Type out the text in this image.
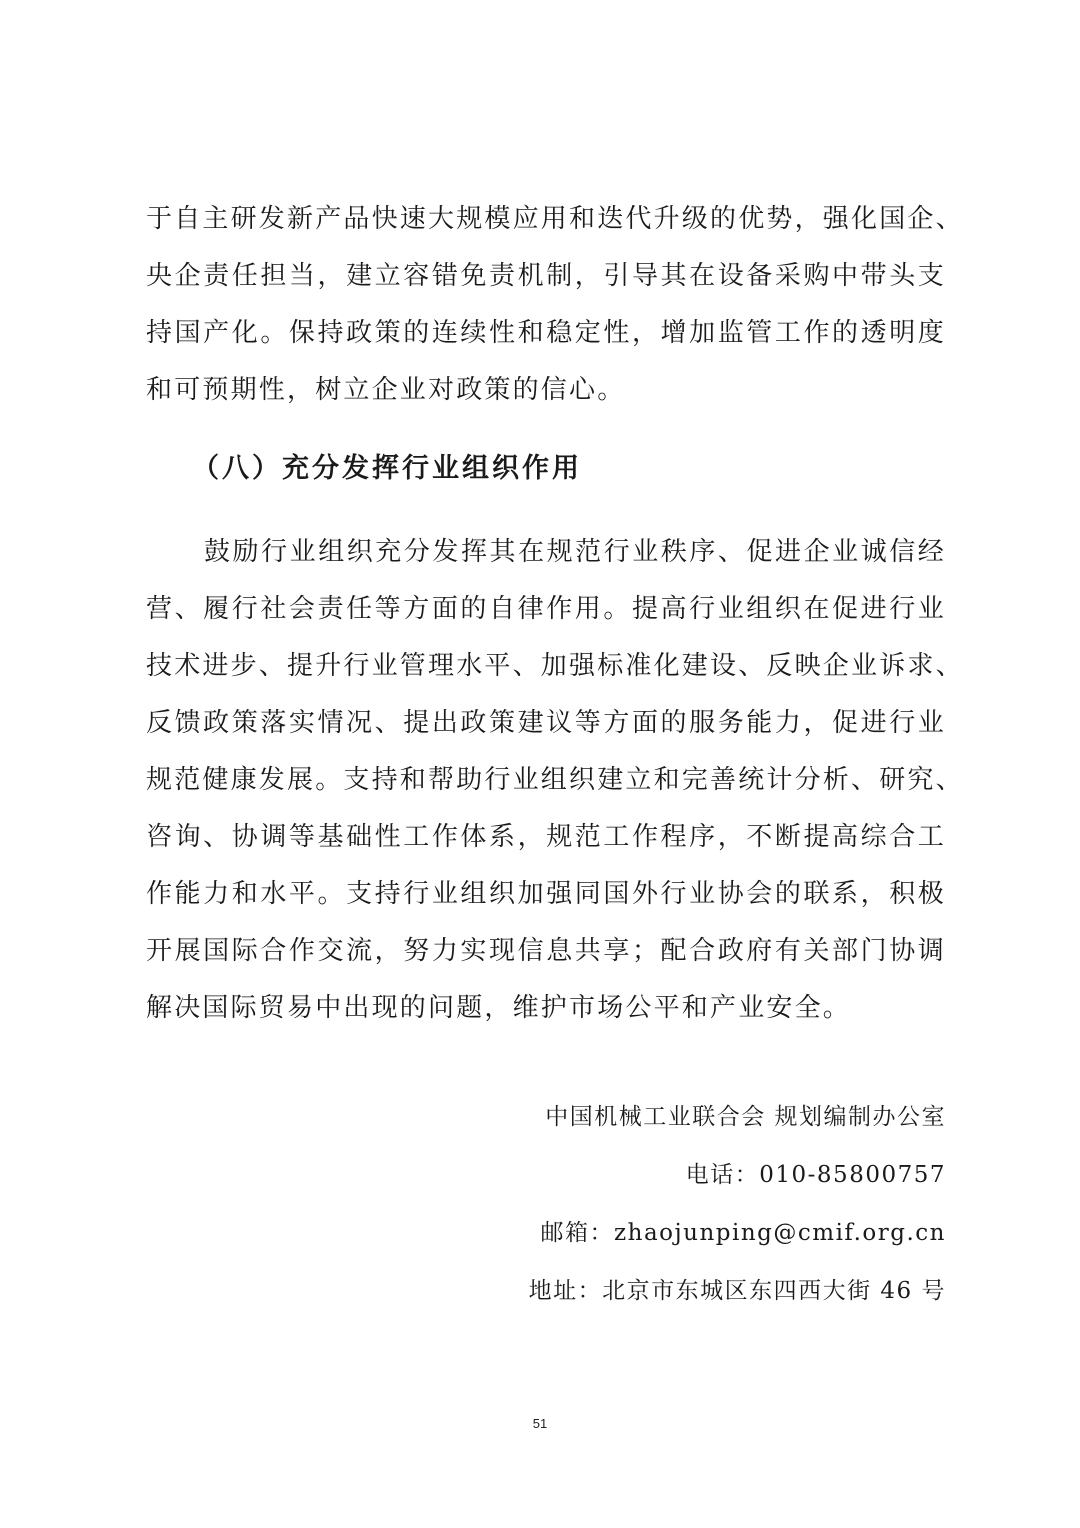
于自主研发新产品快速大规模应用和迭代升级的优势，强化国企、
央企责任担当，建立容错免责机制，引导其在设备采购中带头支
持国产化。保持政策的连续性和稳定性，增加监管工作的透明度
和可预期性，树立企业对政策的信心。
（八）充分发挥行业组织作用
鼓励行业组织充分发挥其在规范行业秩序、促进企业诚信经
营、履行社会责任等方面的自律作用。提高行业组织在促进行业
技术进步、提升行业管理水平、加强标准化建设、反映企业诉求、
反馈政策落实情况、提出政策建议等方面的服务能力，促进行业
规范健康发展。支持和帮助行业组织建立和完善统计分析、研究、
咨询、协调等基础性工作体系，规范工作程序，不断提高综合工
作能力和水平。支持行业组织加强同国外行业协会的联系，积极
开展国际合作交流，努力实现信息共享；配合政府有关部门协调
解决国际贸易中出现的问题，维护市场公平和产业安全。
中国机械工业联合会 规划编制办公室
电话：010-85800757
邮箱：zhaojunping@cmif.org.cn
地址：北京市东城区东四西大街 46 号
51
